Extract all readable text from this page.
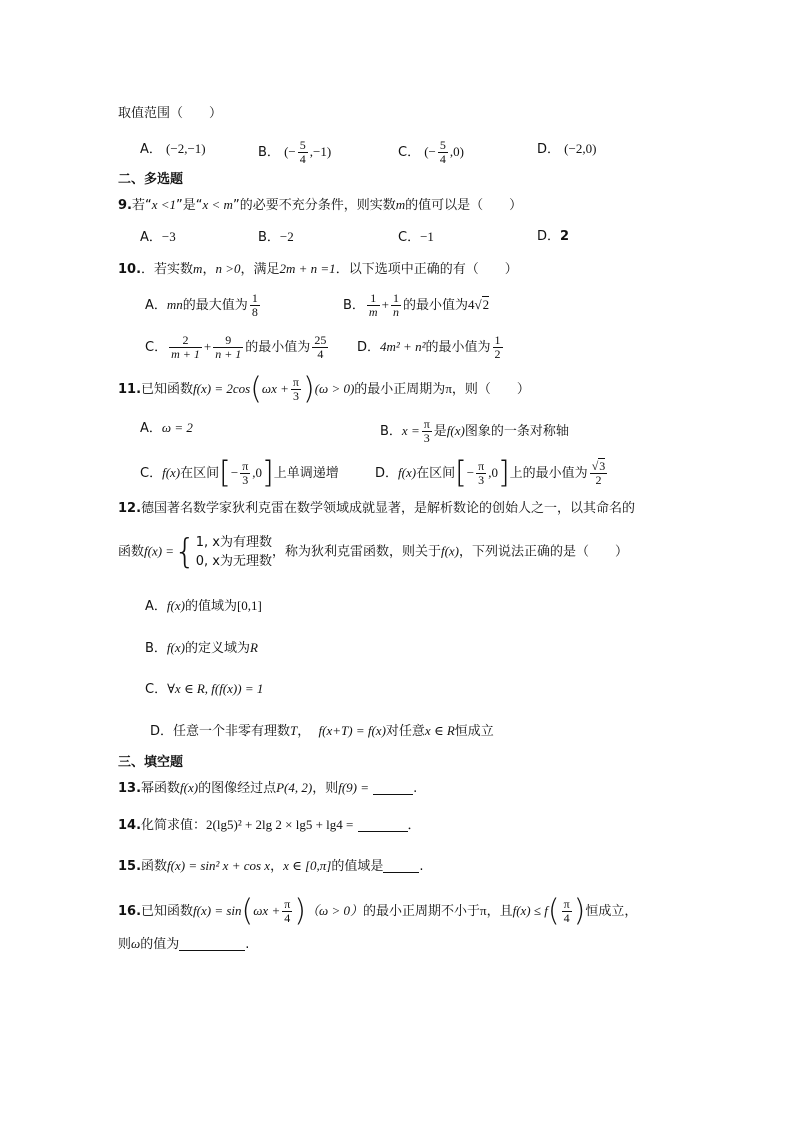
取值范围（　　）
A． (−2,−1)	B． (− $\frac{5}{4} ,-1$)	C． (− $\frac{5}{4} ,0$)	D． (−2,0)
二、多选题
9.若“x <1”是“x < m”的必要不充分条件，则实数m的值可以是（　　）
A．−3	B．−2	C．−1	D．2
10.．若实数m，n >0，满足2m + n =1．以下选项中正确的有（　　）
A．mn的最大值为 $\frac{1}{8}$	B． $\frac{1}{m} + \frac{1}{n}$ 的最小值为4√2
C． $\frac{2}{m + 1} + \frac{9}{n + 1}$ 的最小值为 $\frac{25}{4}$ D．4m² + n²的最小值为 $\frac{1}{2}$
11.已知函数$f(x) = 2\cos(\omega x + \frac{\pi}{3} )(\omega > 0)$的最小正周期为π，则（　　）
A．ω = 2	B．$x = \frac{\pi}{3}$ 是f(x)图象的一条对称轴
C．f(x)在区间[− $\frac{\pi}{3} ,0$]上单调递增	D．f(x)在区间[− $\frac{\pi}{3} ,0$]上的最小值为 $\frac{√3}{2}$
12.德国著名数学家狄利克雷在数学领域成就显著，是解析数论的创始人之一，以其命名的
函数f(x) ={ 1, x为有理数
0, x为无理数
，称为狄利克雷函数，则关于f(x)，下列说法正确的是（　　）
A．f(x)的值域为[0,1]
B．f(x)的定义域为R
C．∀x ∈ R, f(f(x)) = 1
D．任意一个非零有理数T， f(x+T) = f(x)对任意x ∈ R恒成立
三、填空题
13.幂函数f(x)的图像经过点P(4, 2)，则f(9) =	.
14.化简求值：2(lg5)² + 2lg 2 × lg5 + lg4 =	．
15.函数f(x) = sin² x + cos x，x ∈ [0,π]的值域是	.
16.已知函数$f(x) = \sin(\omega x + \frac{\pi}{4} )(\omega > 0)$的最小正周期不小于π，且$f(x) \le f( \frac{\pi}{4}$ )恒成立，
则ω的值为	.
